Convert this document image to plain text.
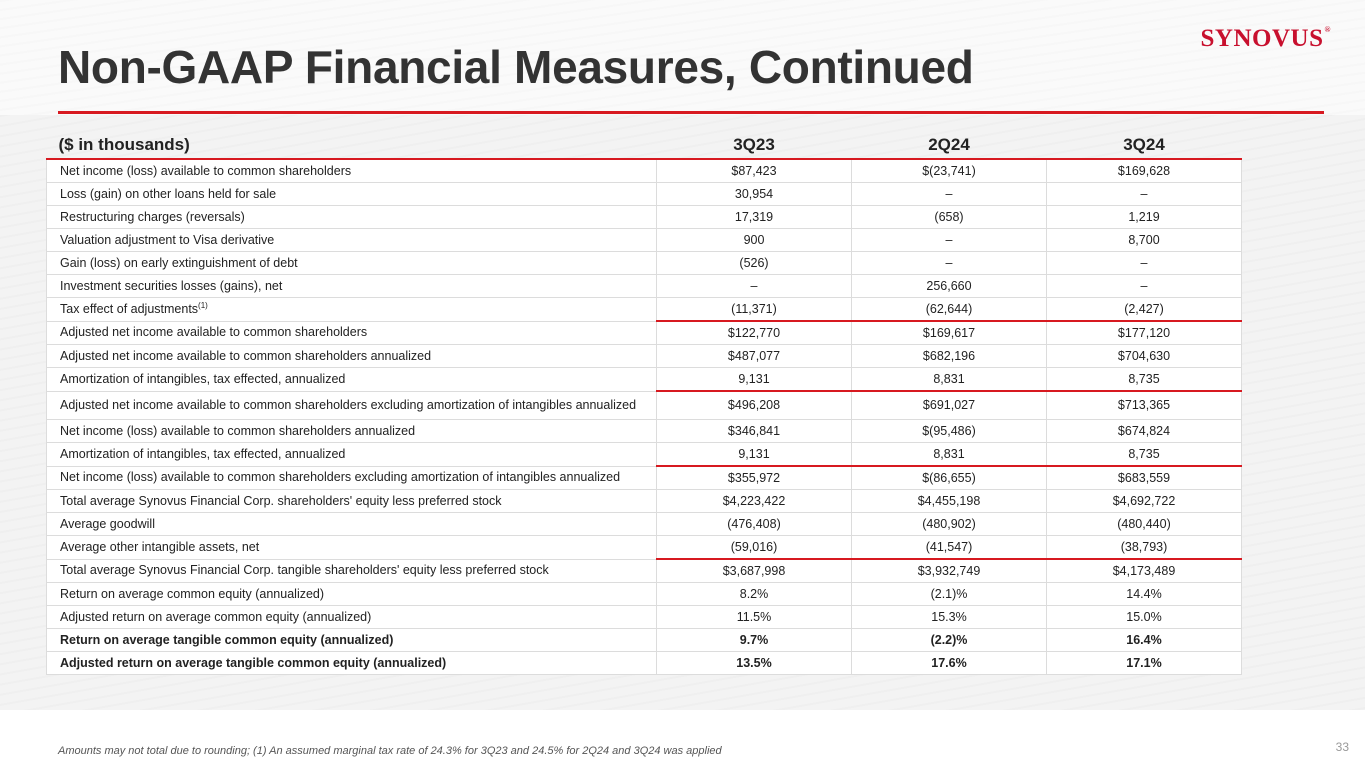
Non-GAAP Financial Measures, Continued
SYNOVUS®
($ in thousands)	3Q23	2Q24	3Q24
Net income (loss) available to common shareholders	$87,423	$(23,741)	$169,628
Loss (gain) on other loans held for sale	30,954	–	–
Restructuring charges (reversals)	17,319	(658)	1,219
Valuation adjustment to Visa derivative	900	–	8,700
Gain (loss) on early extinguishment of debt	(526)	–	–
Investment securities losses (gains), net	–	256,660	–
Tax effect of adjustments$^{(1)}$	(11,371)	(62,644)	(2,427)
Adjusted net income available to common shareholders	$122,770	$169,617	$177,120
Adjusted net income available to common shareholders annualized	$487,077	$682,196	$704,630
Amortization of intangibles, tax effected, annualized	9,131	8,831	8,735
Adjusted net income available to common shareholders excluding amortization of intangibles annualized	$496,208	$691,027	$713,365
Net income (loss) available to common shareholders annualized	$346,841	$(95,486)	$674,824
Amortization of intangibles, tax effected, annualized	9,131	8,831	8,735
Net income (loss) available to common shareholders excluding amortization of intangibles annualized	$355,972	$(86,655)	$683,559
Total average Synovus Financial Corp. shareholders' equity less preferred stock	$4,223,422	$4,455,198	$4,692,722
Average goodwill	(476,408)	(480,902)	(480,440)
Average other intangible assets, net	(59,016)	(41,547)	(38,793)
Total average Synovus Financial Corp. tangible shareholders' equity less preferred stock	$3,687,998	$3,932,749	$4,173,489
Return on average common equity (annualized)	8.2%	(2.1)%	14.4%
Adjusted return on average common equity (annualized)	11.5%	15.3%	15.0%
Return on average tangible common equity (annualized)	9.7%	(2.2)%	16.4%
Adjusted return on average tangible common equity (annualized)	13.5%	17.6%	17.1%
Amounts may not total due to rounding; (1) An assumed marginal tax rate of 24.3% for 3Q23 and 24.5% for 2Q24 and 3Q24 was applied	33
